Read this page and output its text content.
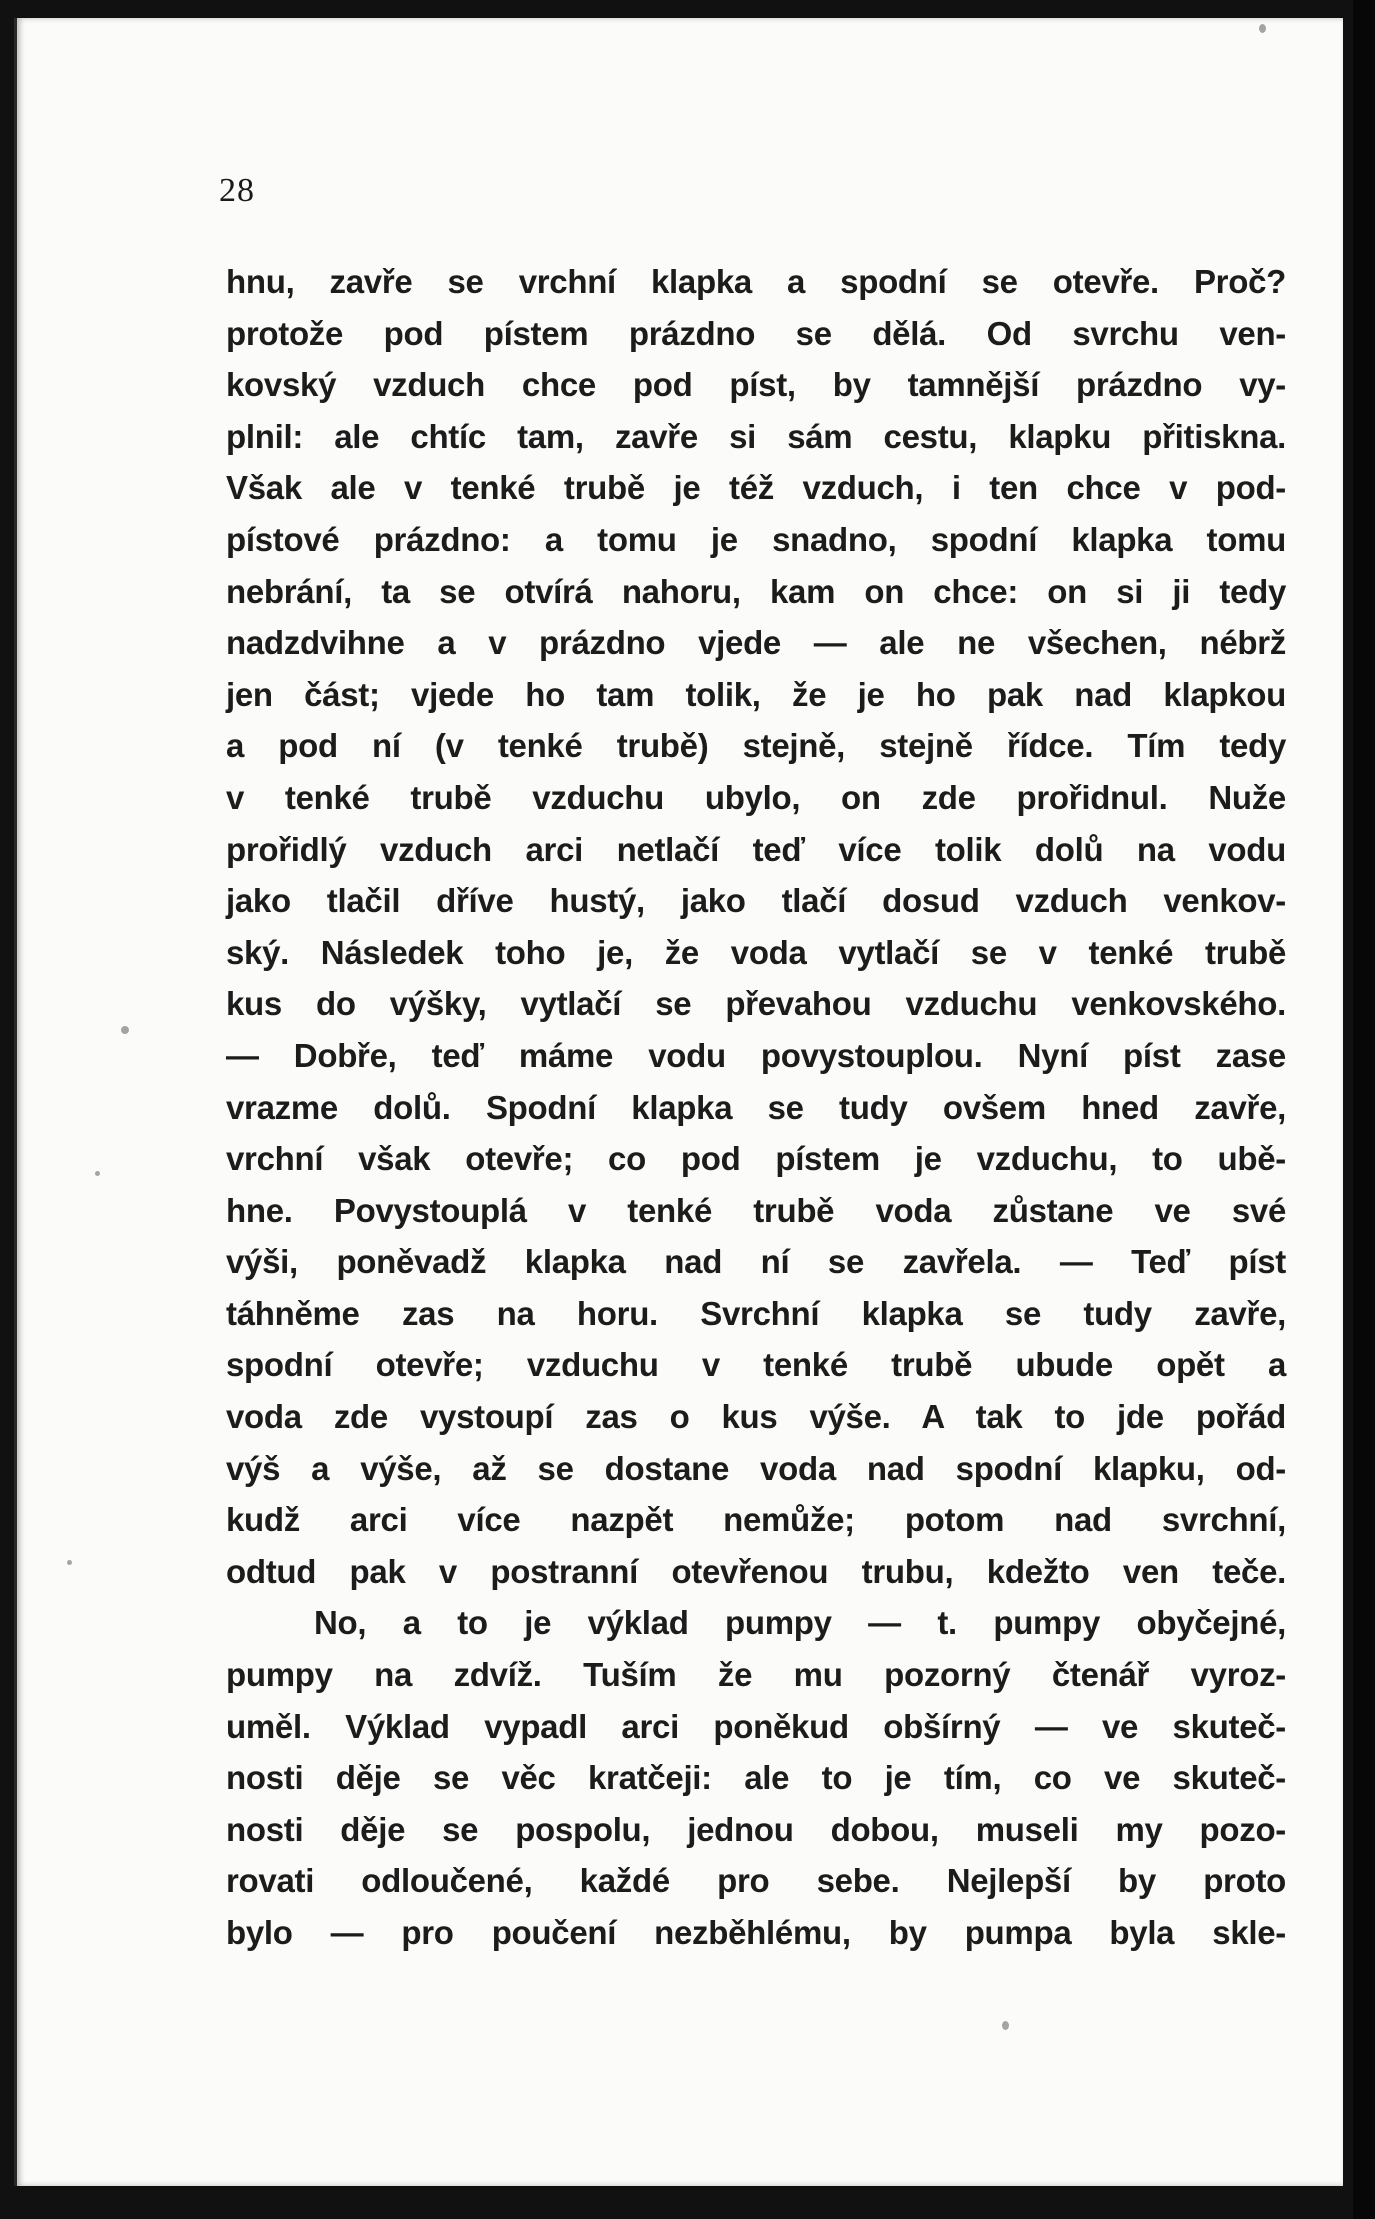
28
hnu, zavře se vrchní klapka a spodní se otevře. Proč?
protože pod pístem prázdno se dělá. Od svrchu ven-
kovský vzduch chce pod píst, by tamnější prázdno vy-
plnil: ale chtíc tam, zavře si sám cestu, klapku přitiskna.
Však ale v tenké trubě je též vzduch, i ten chce v pod-
pístové prázdno: a tomu je snadno, spodní klapka tomu
nebrání, ta se otvírá nahoru, kam on chce: on si ji tedy
nadzdvihne a v prázdno vjede — ale ne všechen, nébrž
jen část; vjede ho tam tolik, že je ho pak nad klapkou
a pod ní (v tenké trubě) stejně, stejně řídce. Tím tedy
v tenké trubě vzduchu ubylo, on zde prořidnul. Nuže
prořidlý vzduch arci netlačí teď více tolik dolů na vodu
jako tlačil dříve hustý, jako tlačí dosud vzduch venkov-
ský. Následek toho je, že voda vytlačí se v tenké trubě
kus do výšky, vytlačí se převahou vzduchu venkovského.
— Dobře, teď máme vodu povystouplou. Nyní píst zase
vrazme dolů. Spodní klapka se tudy ovšem hned zavře,
vrchní však otevře; co pod pístem je vzduchu, to ubě-
hne. Povystouplá v tenké trubě voda zůstane ve své
výši, poněvadž klapka nad ní se zavřela. — Teď píst
táhněme zas na horu. Svrchní klapka se tudy zavře,
spodní otevře; vzduchu v tenké trubě ubude opět a
voda zde vystoupí zas o kus výše. A tak to jde pořád
výš a výše, až se dostane voda nad spodní klapku, od-
kudž arci více nazpět nemůže; potom nad svrchní,
odtud pak v postranní otevřenou trubu, kdežto ven teče.
No, a to je výklad pumpy — t. pumpy obyčejné,
pumpy na zdvíž. Tuším že mu pozorný čtenář vyroz-
uměl. Výklad vypadl arci poněkud obšírný — ve skuteč-
nosti děje se věc kratčeji: ale to je tím, co ve skuteč-
nosti děje se pospolu, jednou dobou, museli my pozo-
rovati odloučené, každé pro sebe. Nejlepší by proto
bylo — pro poučení nezběhlému, by pumpa byla skle-
